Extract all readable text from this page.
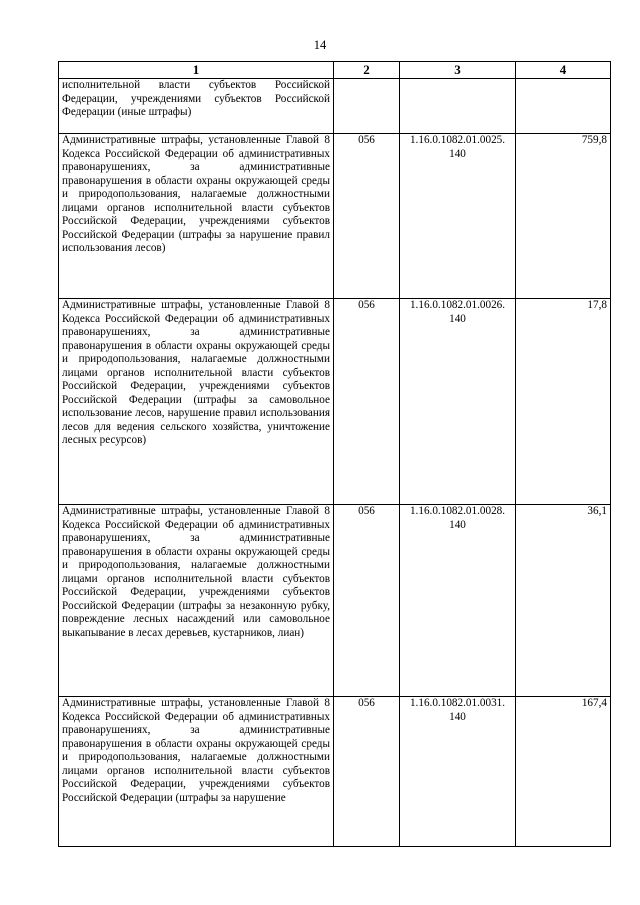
14
1	2	3	4
исполнительной власти субъектов Российской Федерации, учреждениями субъектов Российской Федерации (иные штрафы)			
Административные штрафы, установленные Главой 8 Кодекса Российской Федерации об административных правонарушениях, за административные правонарушения в области охраны окружающей среды и природопользования, налагаемые должностными лицами органов исполнительной власти субъектов Российской Федерации, учреждениями субъектов Российской Федерации (штрафы за нарушение правил использования лесов)	056	1.16.0.1082.01.0025. 140	759,8
Административные штрафы, установленные Главой 8 Кодекса Российской Федерации об административных правонарушениях, за административные правонарушения в области охраны окружающей среды и природопользования, налагаемые должностными лицами органов исполнительной власти субъектов Российской Федерации, учреждениями субъектов Российской Федерации (штрафы за самовольное использование лесов, нарушение правил использования лесов для ведения сельского хозяйства, уничтожение лесных ресурсов)	056	1.16.0.1082.01.0026. 140	17,8
Административные штрафы, установленные Главой 8 Кодекса Российской Федерации об административных правонарушениях, за административные правонарушения в области охраны окружающей среды и природопользования, налагаемые должностными лицами органов исполнительной власти субъектов Российской Федерации, учреждениями субъектов Российской Федерации (штрафы за незаконную рубку, повреждение лесных насаждений или самовольное выкапывание в лесах деревьев, кустарников, лиан)	056	1.16.0.1082.01.0028. 140	36,1
Административные штрафы, установленные Главой 8 Кодекса Российской Федерации об административных правонарушениях, за административные правонарушения в области охраны окружающей среды и природопользования, налагаемые должностными лицами органов исполнительной власти субъектов Российской Федерации, учреждениями субъектов Российской Федерации (штрафы за нарушение	056	1.16.0.1082.01.0031. 140	167,4
